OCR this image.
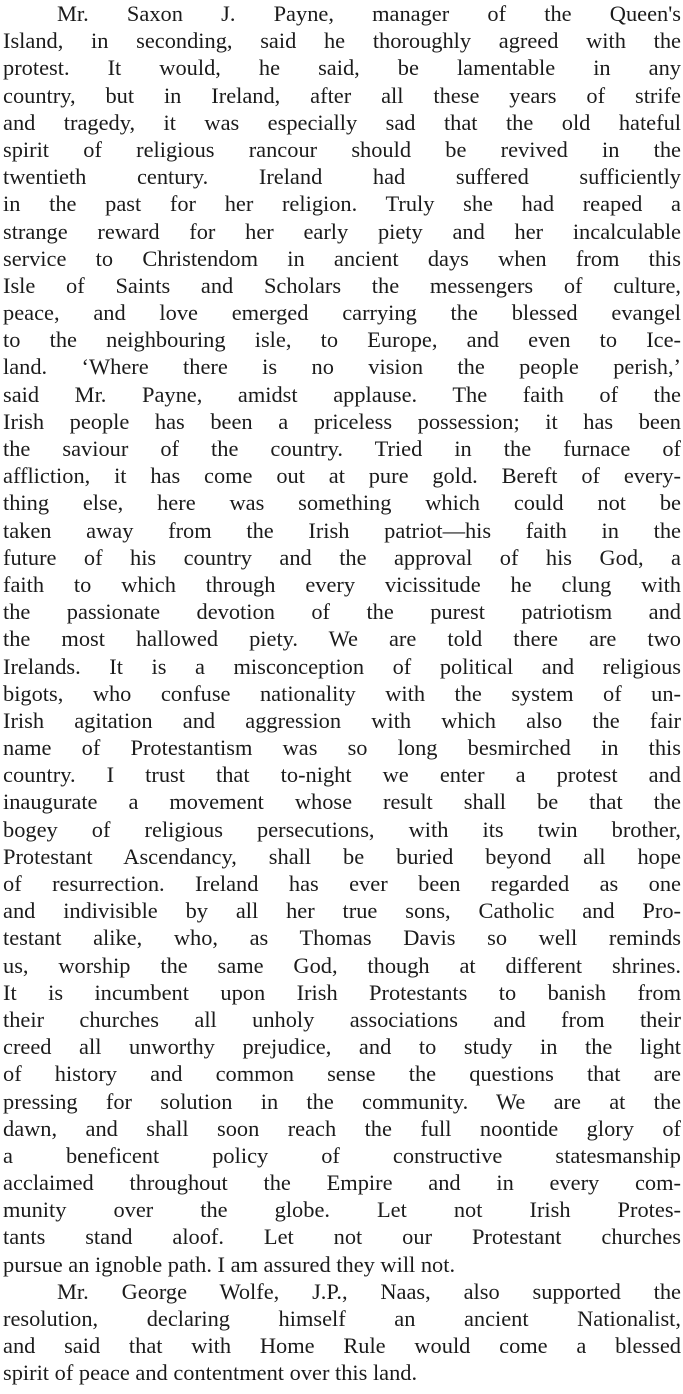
Mr. Saxon J. Payne, manager of the Queen's
Island, in seconding, said he thoroughly agreed with the
protest. It would, he said, be lamentable in any
country, but in Ireland, after all these years of strife
and tragedy, it was especially sad that the old hateful
spirit of religious rancour should be revived in the
twentieth century. Ireland had suffered sufficiently
in the past for her religion. Truly she had reaped a
strange reward for her early piety and her incalculable
service to Christendom in ancient days when from this
Isle of Saints and Scholars the messengers of culture,
peace, and love emerged carrying the blessed evangel
to the neighbouring isle, to Europe, and even to Ice-
land. ‘Where there is no vision the people perish,’
said Mr. Payne, amidst applause. The faith of the
Irish people has been a priceless possession; it has been
the saviour of the country. Tried in the furnace of
affliction, it has come out at pure gold. Bereft of every-
thing else, here was something which could not be
taken away from the Irish patriot—his faith in the
future of his country and the approval of his God, a
faith to which through every vicissitude he clung with
the passionate devotion of the purest patriotism and
the most hallowed piety. We are told there are two
Irelands. It is a misconception of political and religious
bigots, who confuse nationality with the system of un-
Irish agitation and aggression with which also the fair
name of Protestantism was so long besmirched in this
country. I trust that to-night we enter a protest and
inaugurate a movement whose result shall be that the
bogey of religious persecutions, with its twin brother,
Protestant Ascendancy, shall be buried beyond all hope
of resurrection. Ireland has ever been regarded as one
and indivisible by all her true sons, Catholic and Pro-
testant alike, who, as Thomas Davis so well reminds
us, worship the same God, though at different shrines.
It is incumbent upon Irish Protestants to banish from
their churches all unholy associations and from their
creed all unworthy prejudice, and to study in the light
of history and common sense the questions that are
pressing for solution in the community. We are at the
dawn, and shall soon reach the full noontide glory of
a beneficent policy of constructive statesmanship
acclaimed throughout the Empire and in every com-
munity over the globe. Let not Irish Protes-
tants stand aloof. Let not our Protestant churches
pursue an ignoble path. I am assured they will not.
Mr. George Wolfe, J.P., Naas, also supported the
resolution, declaring himself an ancient Nationalist,
and said that with Home Rule would come a blessed
spirit of peace and contentment over this land.
